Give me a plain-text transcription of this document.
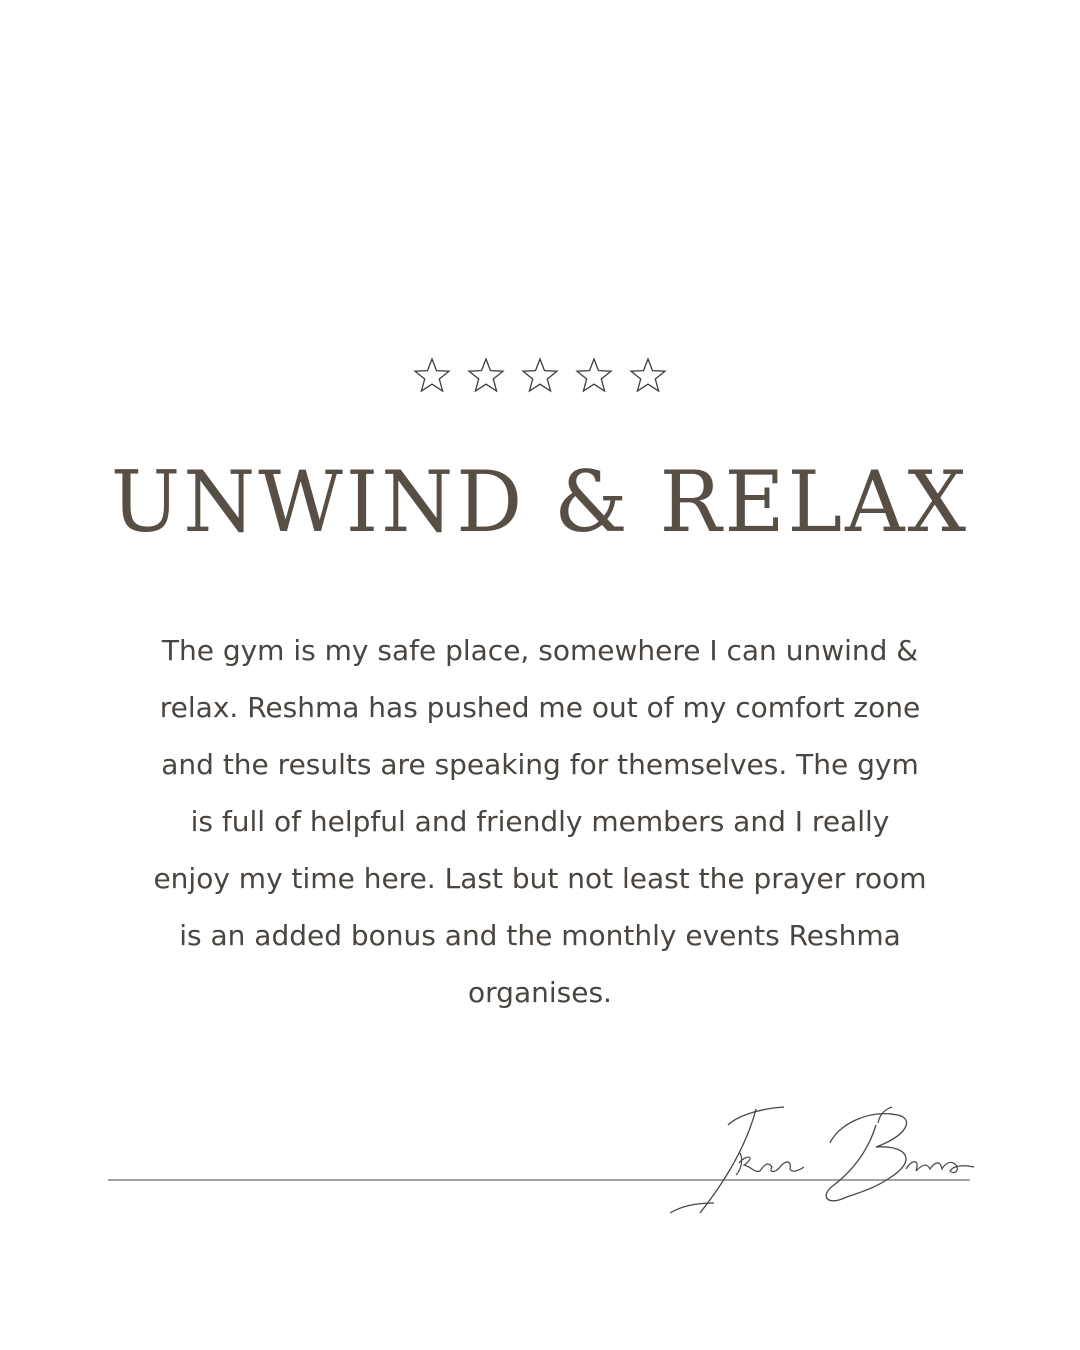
UNWIND & RELAX

The gym is my safe place, somewhere I can unwind & relax. Reshma has pushed me out of my comfort zone and the results are speaking for themselves. The gym is full of helpful and friendly members and I really enjoy my time here. Last but not least the prayer room is an added bonus and the monthly events Reshma organises.
